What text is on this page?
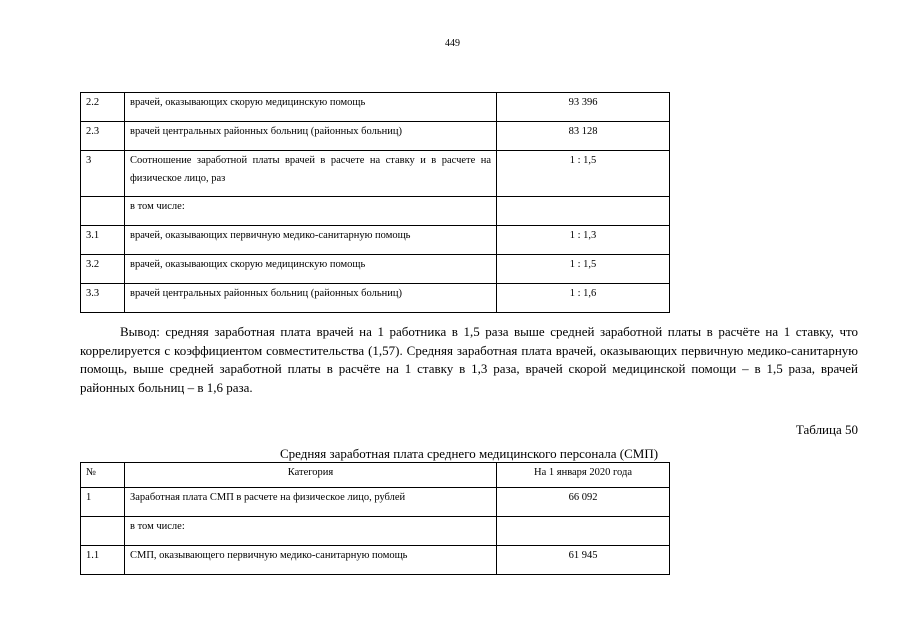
449
2.2	врачей, оказывающих скорую медицинскую помощь	93 396
2.3	врачей центральных районных больниц (районных больниц)	83 128
3	Соотношение заработной платы врачей в расчете на ставку и в расчете на физическое лицо, раз	1 : 1,5
	в том числе:	
3.1	врачей, оказывающих первичную медико-санитарную помощь	1 : 1,3
3.2	врачей, оказывающих скорую медицинскую помощь	1 : 1,5
3.3	врачей центральных районных больниц (районных больниц)	1 : 1,6

Вывод: средняя заработная плата врачей на 1 работника в 1,5 раза выше средней заработной платы в расчёте на 1 ставку, что коррелируется с коэффициентом совместительства (1,57). Средняя заработная плата врачей, оказывающих первичную медико-санитарную помощь, выше средней заработной платы в расчёте на 1 ставку в 1,3 раза, врачей скорой медицинской помощи – в 1,5 раза, врачей районных больниц – в 1,6 раза.

Таблица 50
Средняя заработная плата среднего медицинского персонала (СМП)
№	Категория	На 1 января 2020 года
1	Заработная плата СМП в расчете на физическое лицо, рублей	66 092
	в том числе:	
1.1	СМП, оказывающего первичную медико-санитарную помощь	61 945
